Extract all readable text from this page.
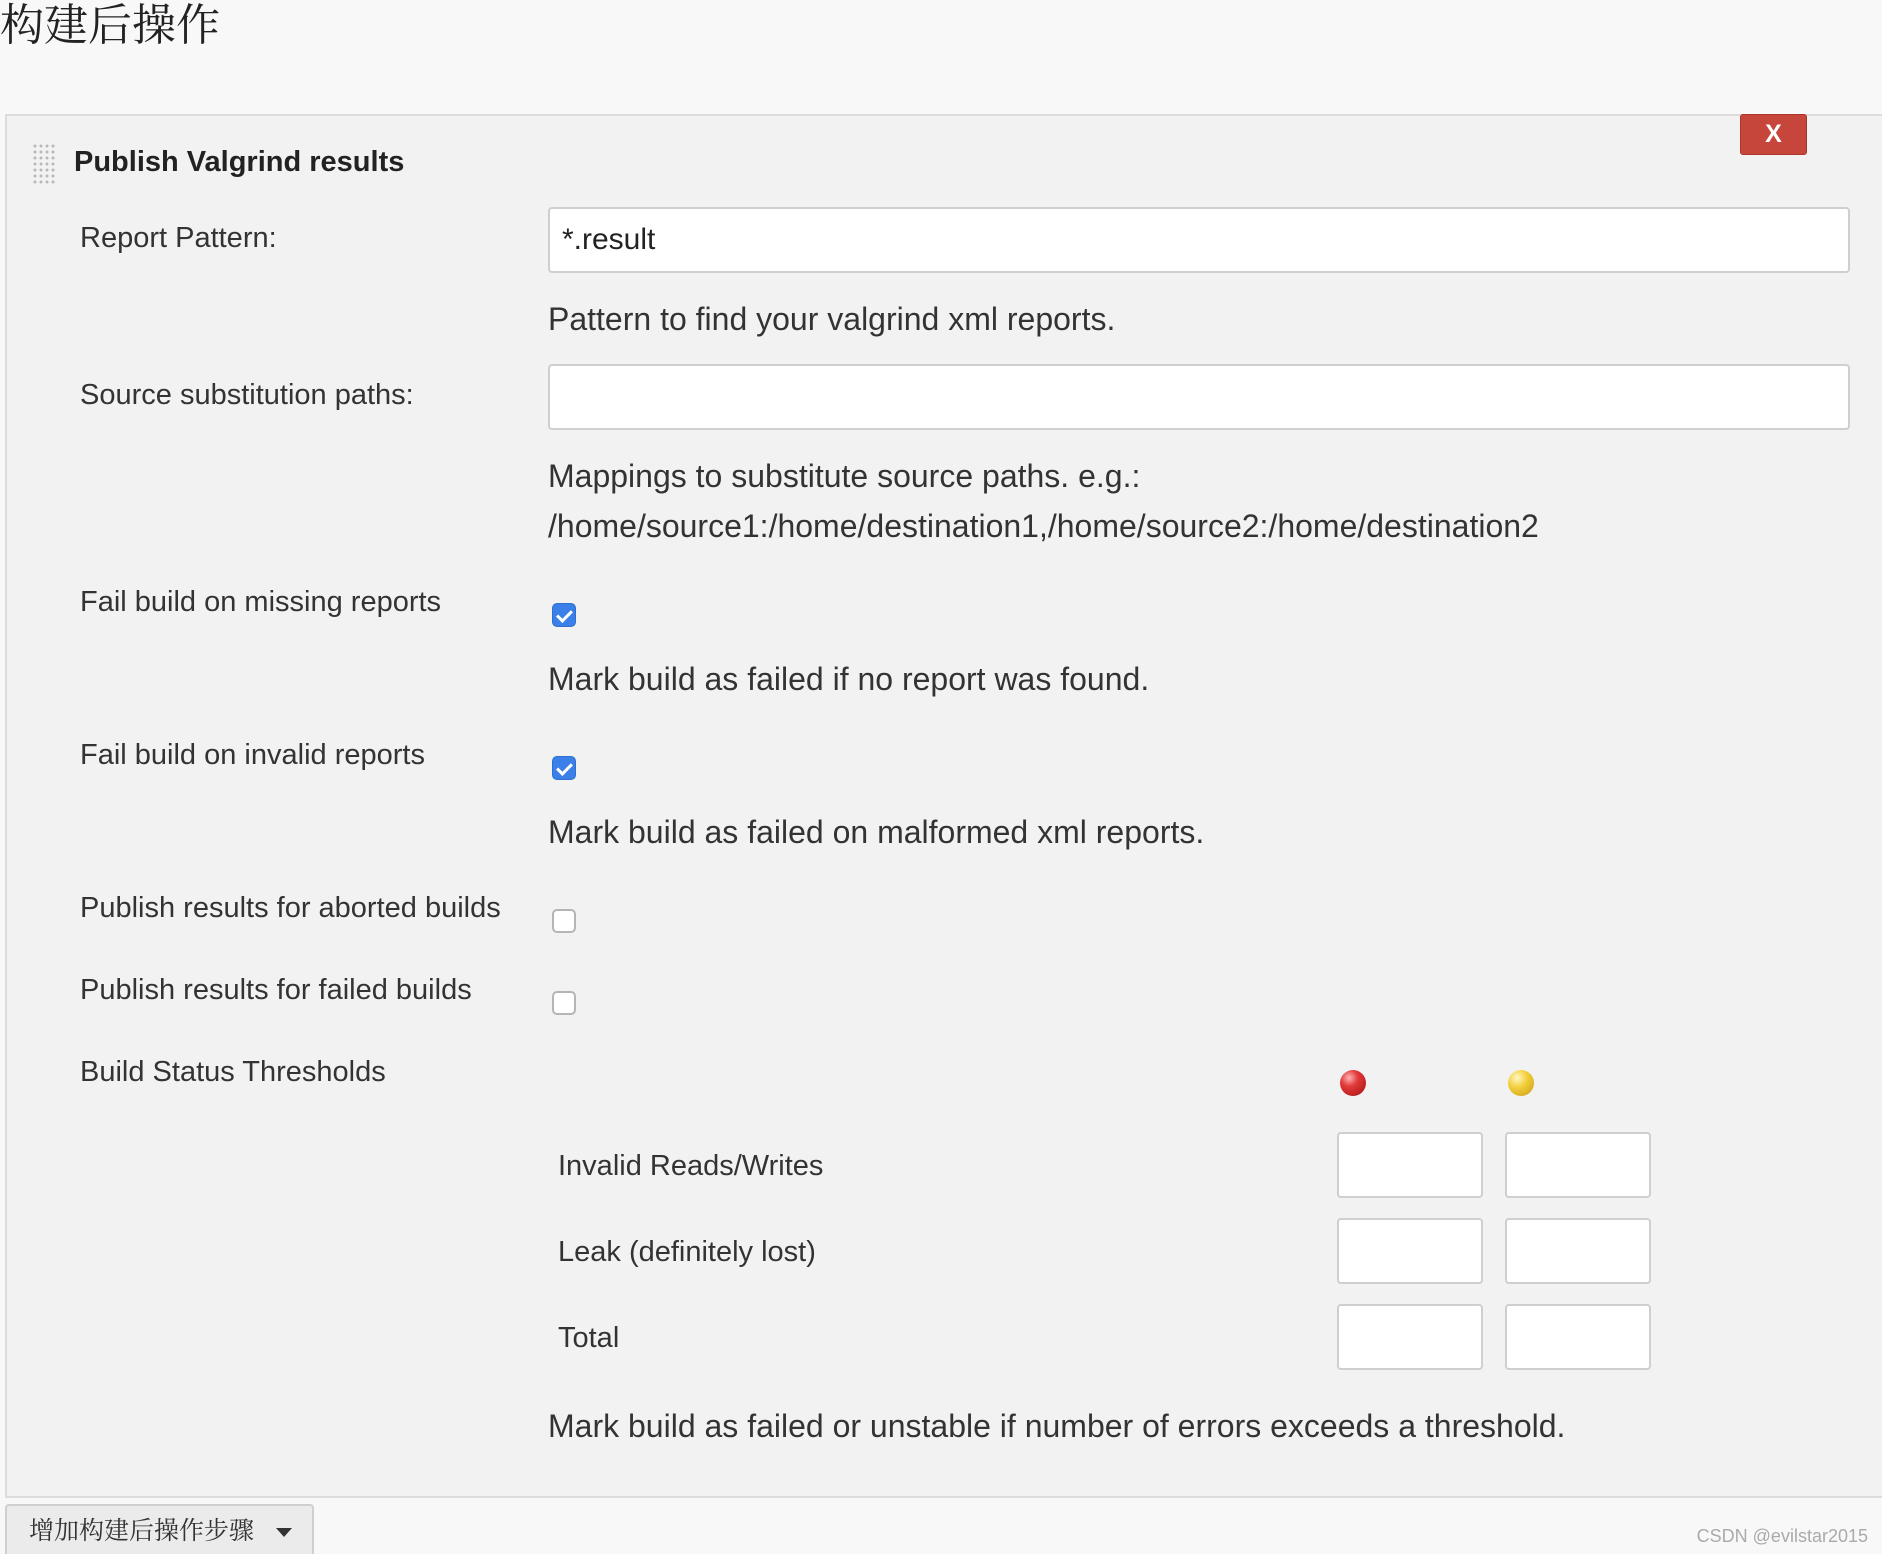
构建后操作
Publish Valgrind results
X
Report Pattern:
*.result
Pattern to find your valgrind xml reports.
Source substitution paths:
Mappings to substitute source paths. e.g.:
/home/source1:/home/destination1,/home/source2:/home/destination2
Fail build on missing reports
Mark build as failed if no report was found.
Fail build on invalid reports
Mark build as failed on malformed xml reports.
Publish results for aborted builds
Publish results for failed builds
Build Status Thresholds
Invalid Reads/Writes
Leak (definitely lost)
Total
Mark build as failed or unstable if number of errors exceeds a threshold.
增加构建后操作步骤	CSDN @evilstar2015
